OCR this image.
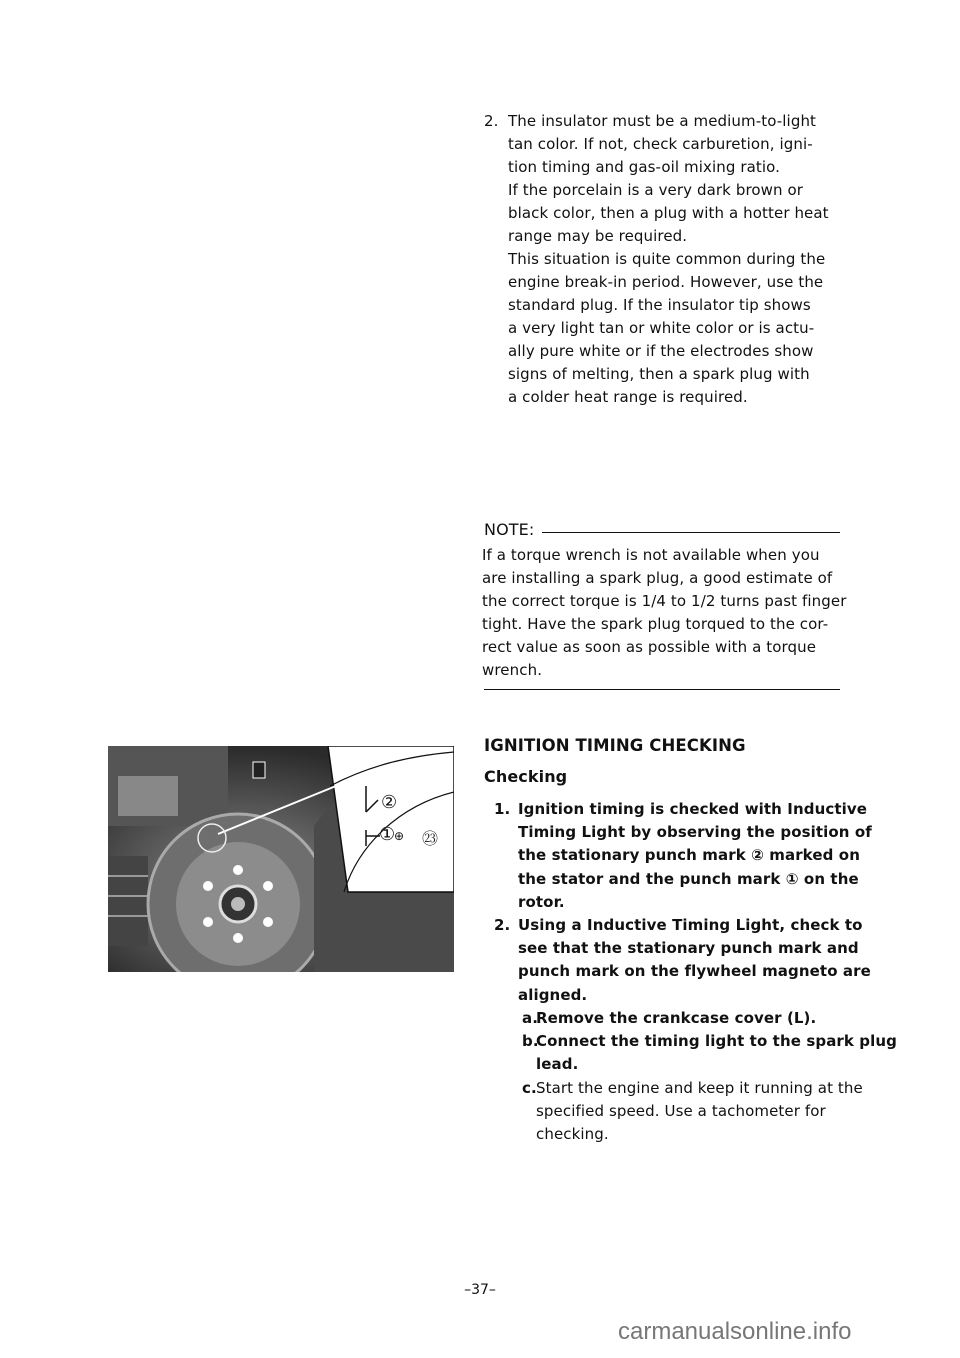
2. The insulator must be a medium-to-light
tan color. If not, check carburetion, igni-
tion timing and gas-oil mixing ratio.
If the porcelain is a very dark brown or
black color, then a plug with a hotter heat
range may be required.
This situation is quite common during the
engine break-in period. However, use the
standard plug. If the insulator tip shows
a very light tan or white color or is actu-
ally pure white or if the electrodes show
signs of melting, then a spark plug with
a colder heat range is required.
NOTE:
If a torque wrench is not available when you
are installing a spark plug, a good estimate of
the correct torque is 1/4 to 1/2 turns past finger
tight. Have the spark plug torqued to the cor-
rect value as soon as possible with a torque
wrench.
IGNITION TIMING CHECKING
Checking
1. Ignition timing is checked with Inductive
Timing Light by observing the position of
the stationary punch mark ② marked on
the stator and the punch mark ① on the
rotor.
2. Using a Inductive Timing Light, check to
see that the stationary punch mark and
punch mark on the flywheel magneto are
aligned.
a.
Remove the crankcase cover (L).
b.
Connect the timing light to the spark plug
lead.
c. Start the engine and keep it running at the
specified speed. Use a tachometer for
checking.
⊕
②
① ㉓
–37–
carmanualsonline.info
